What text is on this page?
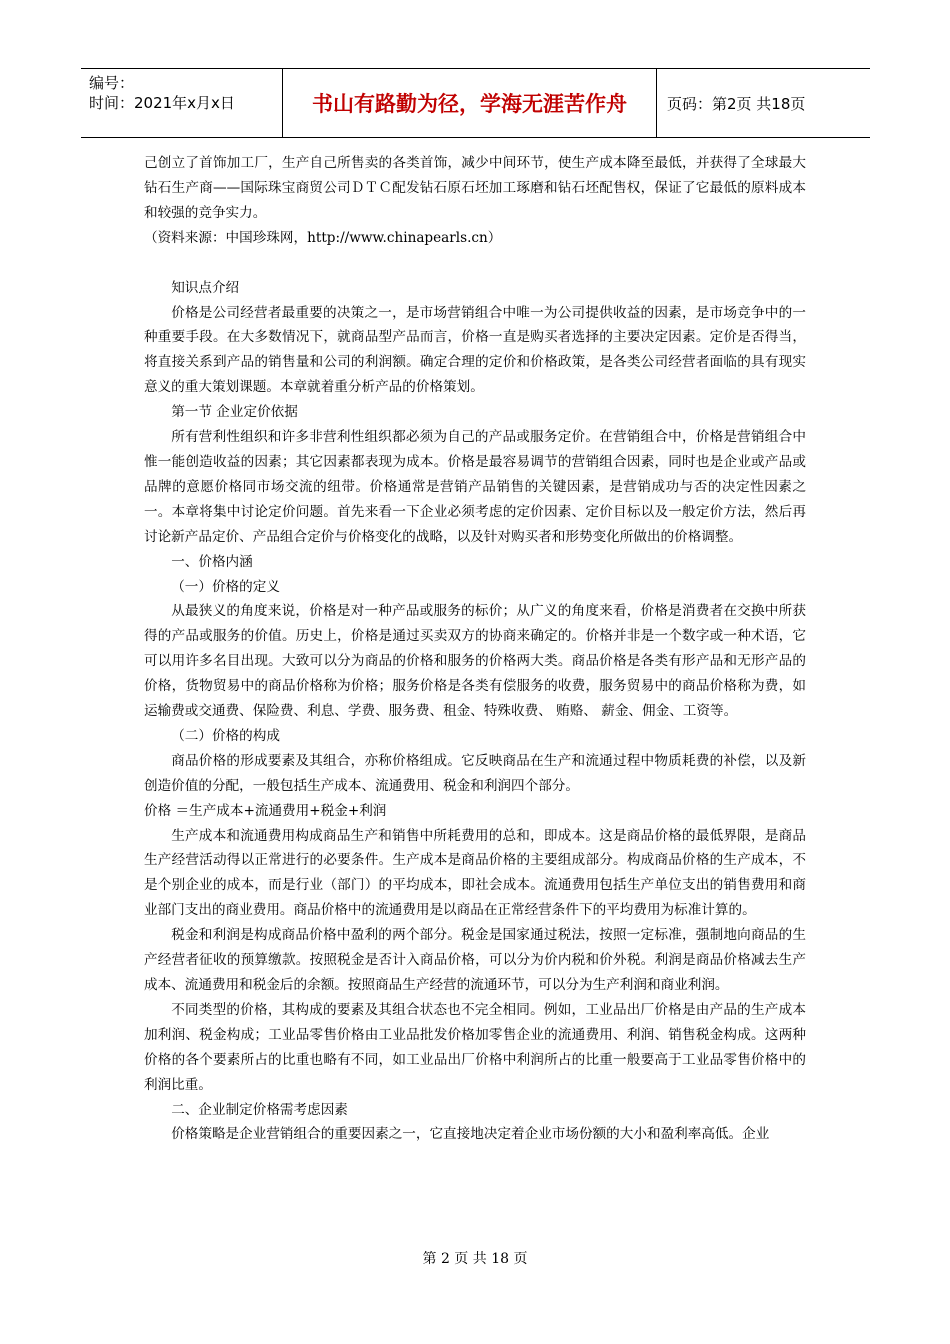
编号：
时间：2021年x月x日	书山有路勤为径，学海无涯苦作舟	页码：第2页 共18页

己创立了首饰加工厂，生产自己所售卖的各类首饰，减少中间环节，使生产成本降至最低，并获得了全球最大钻石生产商——国际珠宝商贸公司ＤＴＣ配发钻石原石坯加工琢磨和钻石坯配售权，保证了它最低的原料成本和较强的竞争实力。

（资料来源：中国珍珠网，http://www.chinapearls.cn）

知识点介绍

价格是公司经营者最重要的决策之一，是市场营销组合中唯一为公司提供收益的因素，是市场竞争中的一种重要手段。在大多数情况下，就商品型产品而言，价格一直是购买者选择的主要决定因素。定价是否得当，将直接关系到产品的销售量和公司的利润额。确定合理的定价和价格政策，是各类公司经营者面临的具有现实意义的重大策划课题。本章就着重分析产品的价格策划。

第一节 企业定价依据

所有营利性组织和许多非营利性组织都必须为自己的产品或服务定价。在营销组合中，价格是营销组合中惟一能创造收益的因素；其它因素都表现为成本。价格是最容易调节的营销组合因素，同时也是企业或产品或品牌的意愿价格同市场交流的纽带。价格通常是营销产品销售的关键因素，是营销成功与否的决定性因素之一。本章将集中讨论定价问题。首先来看一下企业必须考虑的定价因素、定价目标以及一般定价方法，然后再讨论新产品定价、产品组合定价与价格变化的战略，以及针对购买者和形势变化所做出的价格调整。

一、价格内涵

（一）价格的定义

从最狭义的角度来说，价格是对一种产品或服务的标价；从广义的角度来看，价格是消费者在交换中所获得的产品或服务的价值。历史上，价格是通过买卖双方的协商来确定的。价格并非是一个数字或一种术语，它可以用许多名目出现。大致可以分为商品的价格和服务的价格两大类。商品价格是各类有形产品和无形产品的价格，货物贸易中的商品价格称为价格；服务价格是各类有偿服务的收费，服务贸易中的商品价格称为费，如运输费或交通费、保险费、利息、学费、服务费、租金、特殊收费、 贿赂、 薪金、佣金、工资等。

（二）价格的构成

商品价格的形成要素及其组合，亦称价格组成。它反映商品在生产和流通过程中物质耗费的补偿，以及新创造价值的分配，一般包括生产成本、流通费用、税金和利润四个部分。

价格 ＝生产成本+流通费用+税金+利润

生产成本和流通费用构成商品生产和销售中所耗费用的总和，即成本。这是商品价格的最低界限，是商品生产经营活动得以正常进行的必要条件。生产成本是商品价格的主要组成部分。构成商品价格的生产成本，不是个别企业的成本，而是行业（部门）的平均成本，即社会成本。流通费用包括生产单位支出的销售费用和商业部门支出的商业费用。商品价格中的流通费用是以商品在正常经营条件下的平均费用为标准计算的。

税金和利润是构成商品价格中盈利的两个部分。税金是国家通过税法，按照一定标准，强制地向商品的生产经营者征收的预算缴款。按照税金是否计入商品价格，可以分为价内税和价外税。利润是商品价格减去生产成本、流通费用和税金后的余额。按照商品生产经营的流通环节，可以分为生产利润和商业利润。

不同类型的价格，其构成的要素及其组合状态也不完全相同。例如，工业品出厂价格是由产品的生产成本加利润、税金构成；工业品零售价格由工业品批发价格加零售企业的流通费用、利润、销售税金构成。这两种价格的各个要素所占的比重也略有不同，如工业品出厂价格中利润所占的比重一般要高于工业品零售价格中的利润比重。

二、企业制定价格需考虑因素

价格策略是企业营销组合的重要因素之一，它直接地决定着企业市场份额的大小和盈利率高低。企业

第 2 页 共 18 页
